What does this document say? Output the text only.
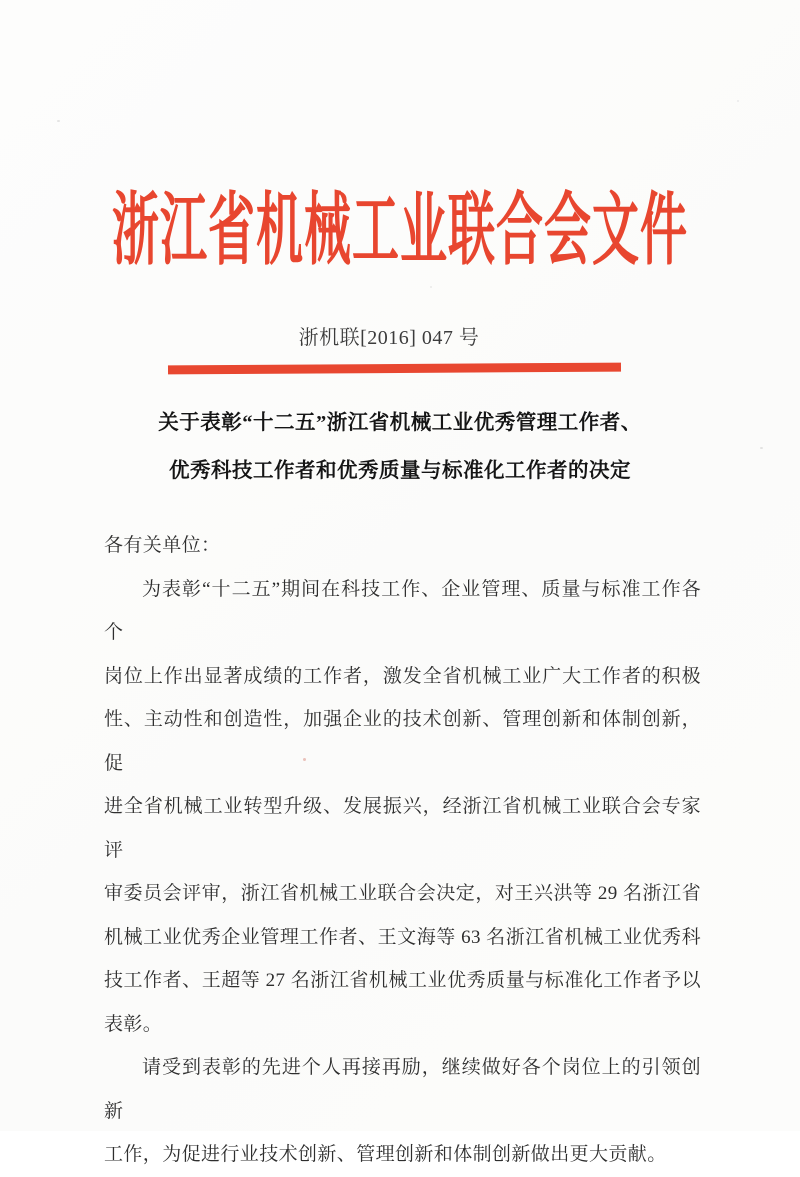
浙江省机械工业联合会文件
浙机联[2016] 047 号
关于表彰“十二五”浙江省机械工业优秀管理工作者、
优秀科技工作者和优秀质量与标准化工作者的决定
各有关单位：
为表彰“十二五”期间在科技工作、企业管理、质量与标准工作各个
岗位上作出显著成绩的工作者，激发全省机械工业广大工作者的积极
性、主动性和创造性，加强企业的技术创新、管理创新和体制创新，促
进全省机械工业转型升级、发展振兴，经浙江省机械工业联合会专家评
审委员会评审，浙江省机械工业联合会决定，对王兴洪等 29 名浙江省
机械工业优秀企业管理工作者、王文海等 63 名浙江省机械工业优秀科
技工作者、王超等 27 名浙江省机械工业优秀质量与标准化工作者予以
表彰。
请受到表彰的先进个人再接再励，继续做好各个岗位上的引领创新
工作，为促进行业技术创新、管理创新和体制创新做出更大贡献。
